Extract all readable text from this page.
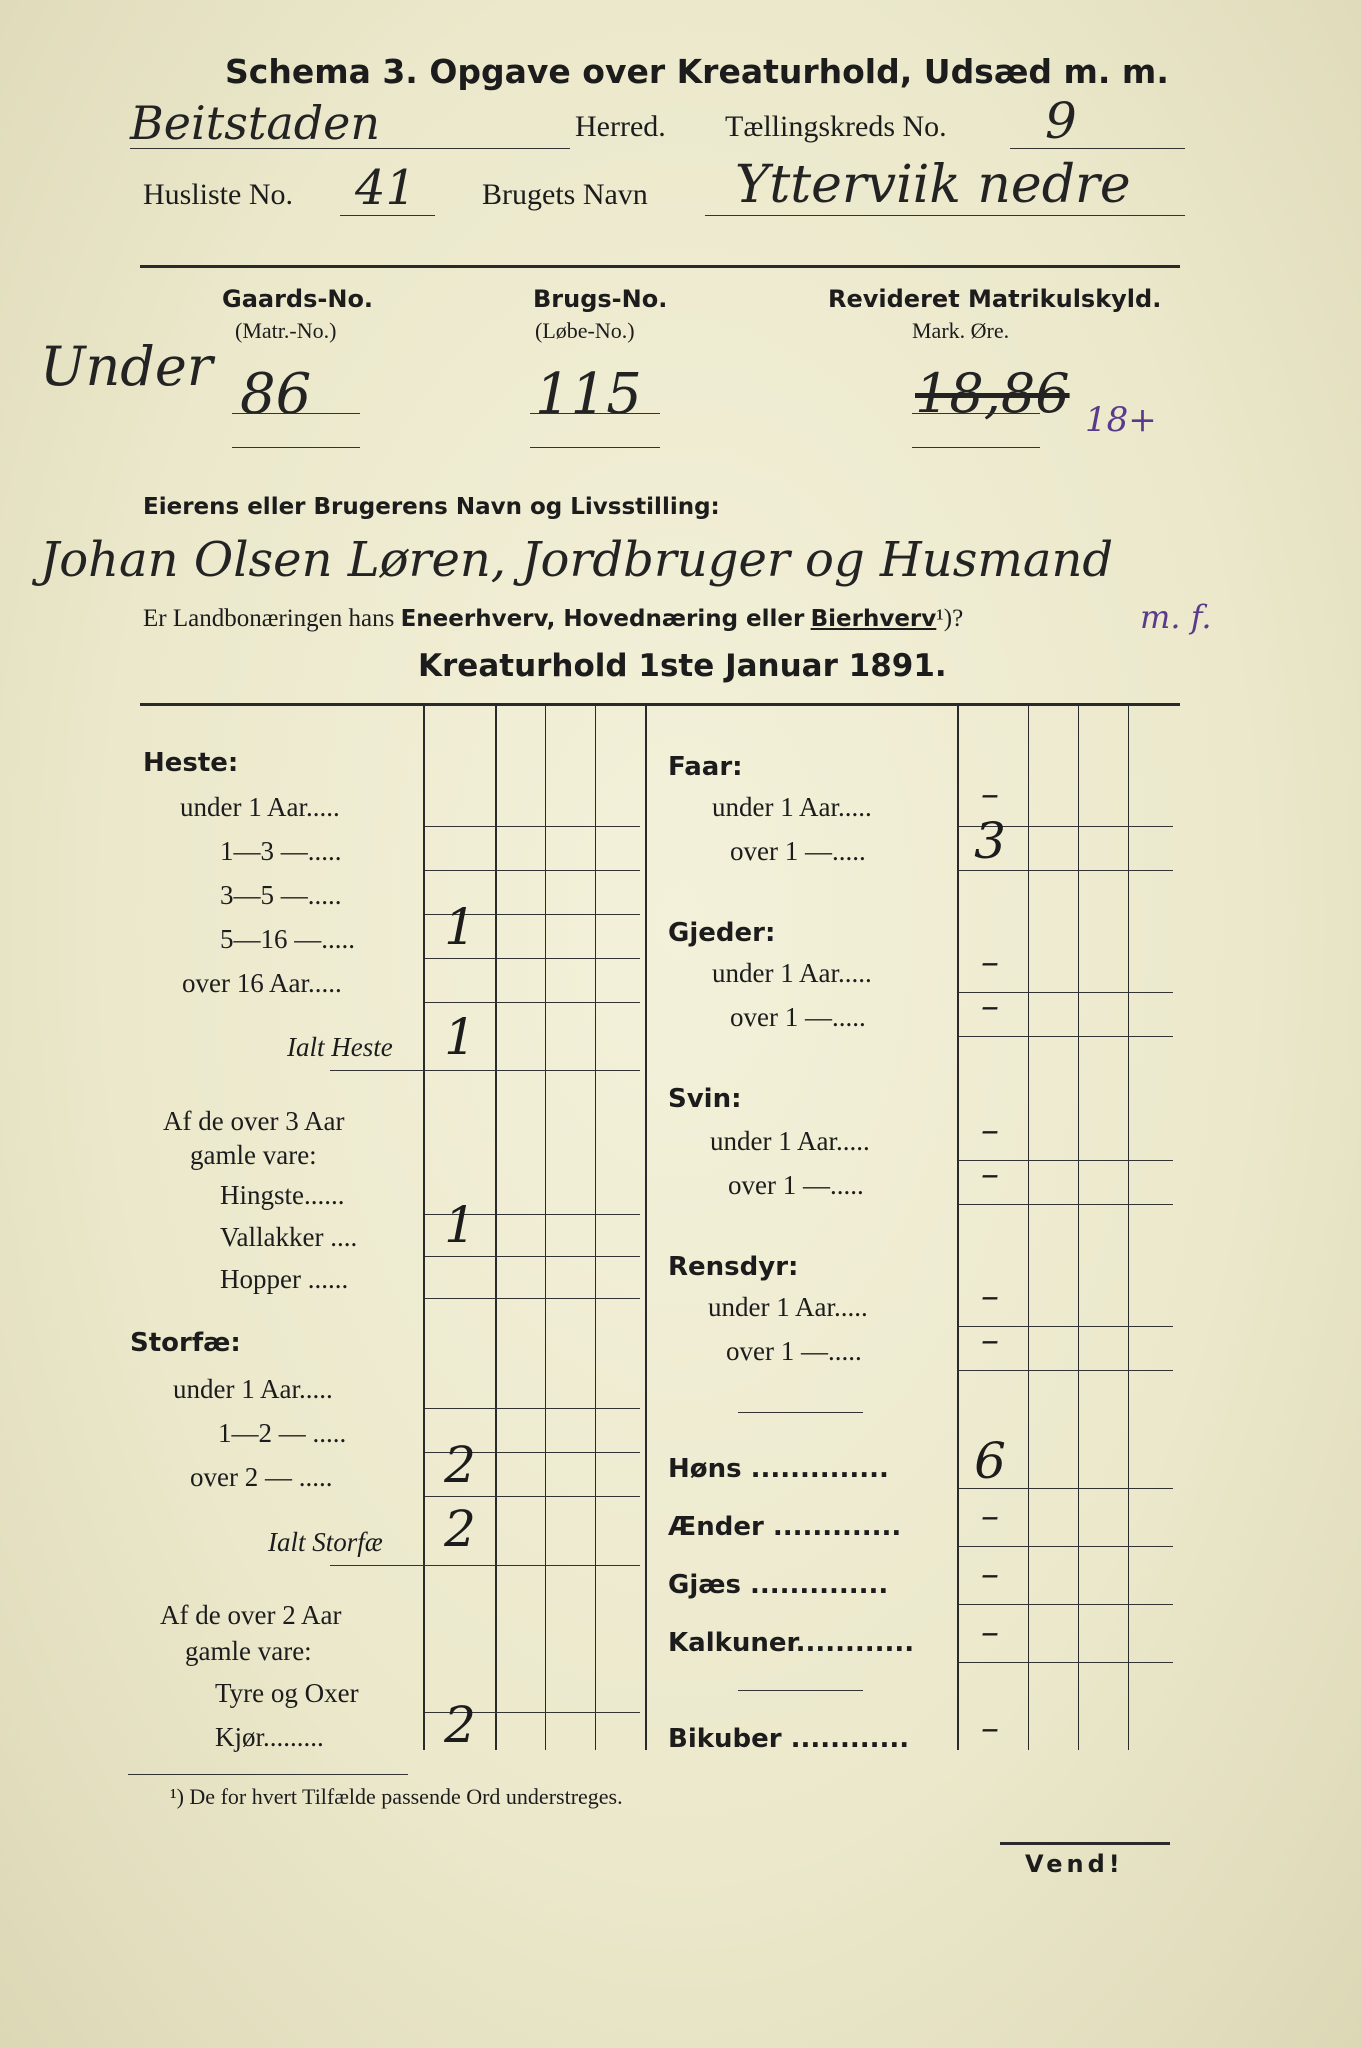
Schema 3. Opgave over Kreaturhold, Udsæd m. m.
Beitstaden	Herred. Tællingskreds No. 9
Husliste No. 41 Brugets Navn Ytterviik nedre
Under
Gaards-No.
(Matr.-No.)
86
Brugs-No.
(Løbe-No.)
115
Revideret Matrikulskyld.
Mark. Øre.
18,86 18+
Eierens eller Brugerens Navn og Livsstilling:
Johan Olsen Løren, Jordbruger og Husmand
Er Landbonæringen hans Eneerhverv, Hovednæring eller Bierhverv¹)?	m. f.
Kreaturhold 1ste Januar 1891.
Heste:
under 1 Aar.....
1—3 —.....
3—5 —.....
5—16 —.....
over 16 Aar.....
Ialt Heste
Af de over 3 Aar
gamle vare:
Hingste......
Vallakker ....
Hopper ......
Storfæ:
under 1 Aar.....
1—2 — .....
over 2 — .....
Ialt Storfæ
Af de over 2 Aar
gamle vare:
Tyre og Oxer
Kjør.........
1
1
1
2
2
2
Faar:
under 1 Aar.....
over 1 —.....
Gjeder:
under 1 Aar.....
over 1 —.....
Svin:
under 1 Aar.....
over 1 —.....
Rensdyr:
under 1 Aar.....
over 1 —.....
Høns ..............
Ænder .............
Gjæs ..............
Kalkuner............
Bikuber ............
–
3
–
–
–
–
–
–
6
–
–
–
–
¹) De for hvert Tilfælde passende Ord understreges.
Vend!
